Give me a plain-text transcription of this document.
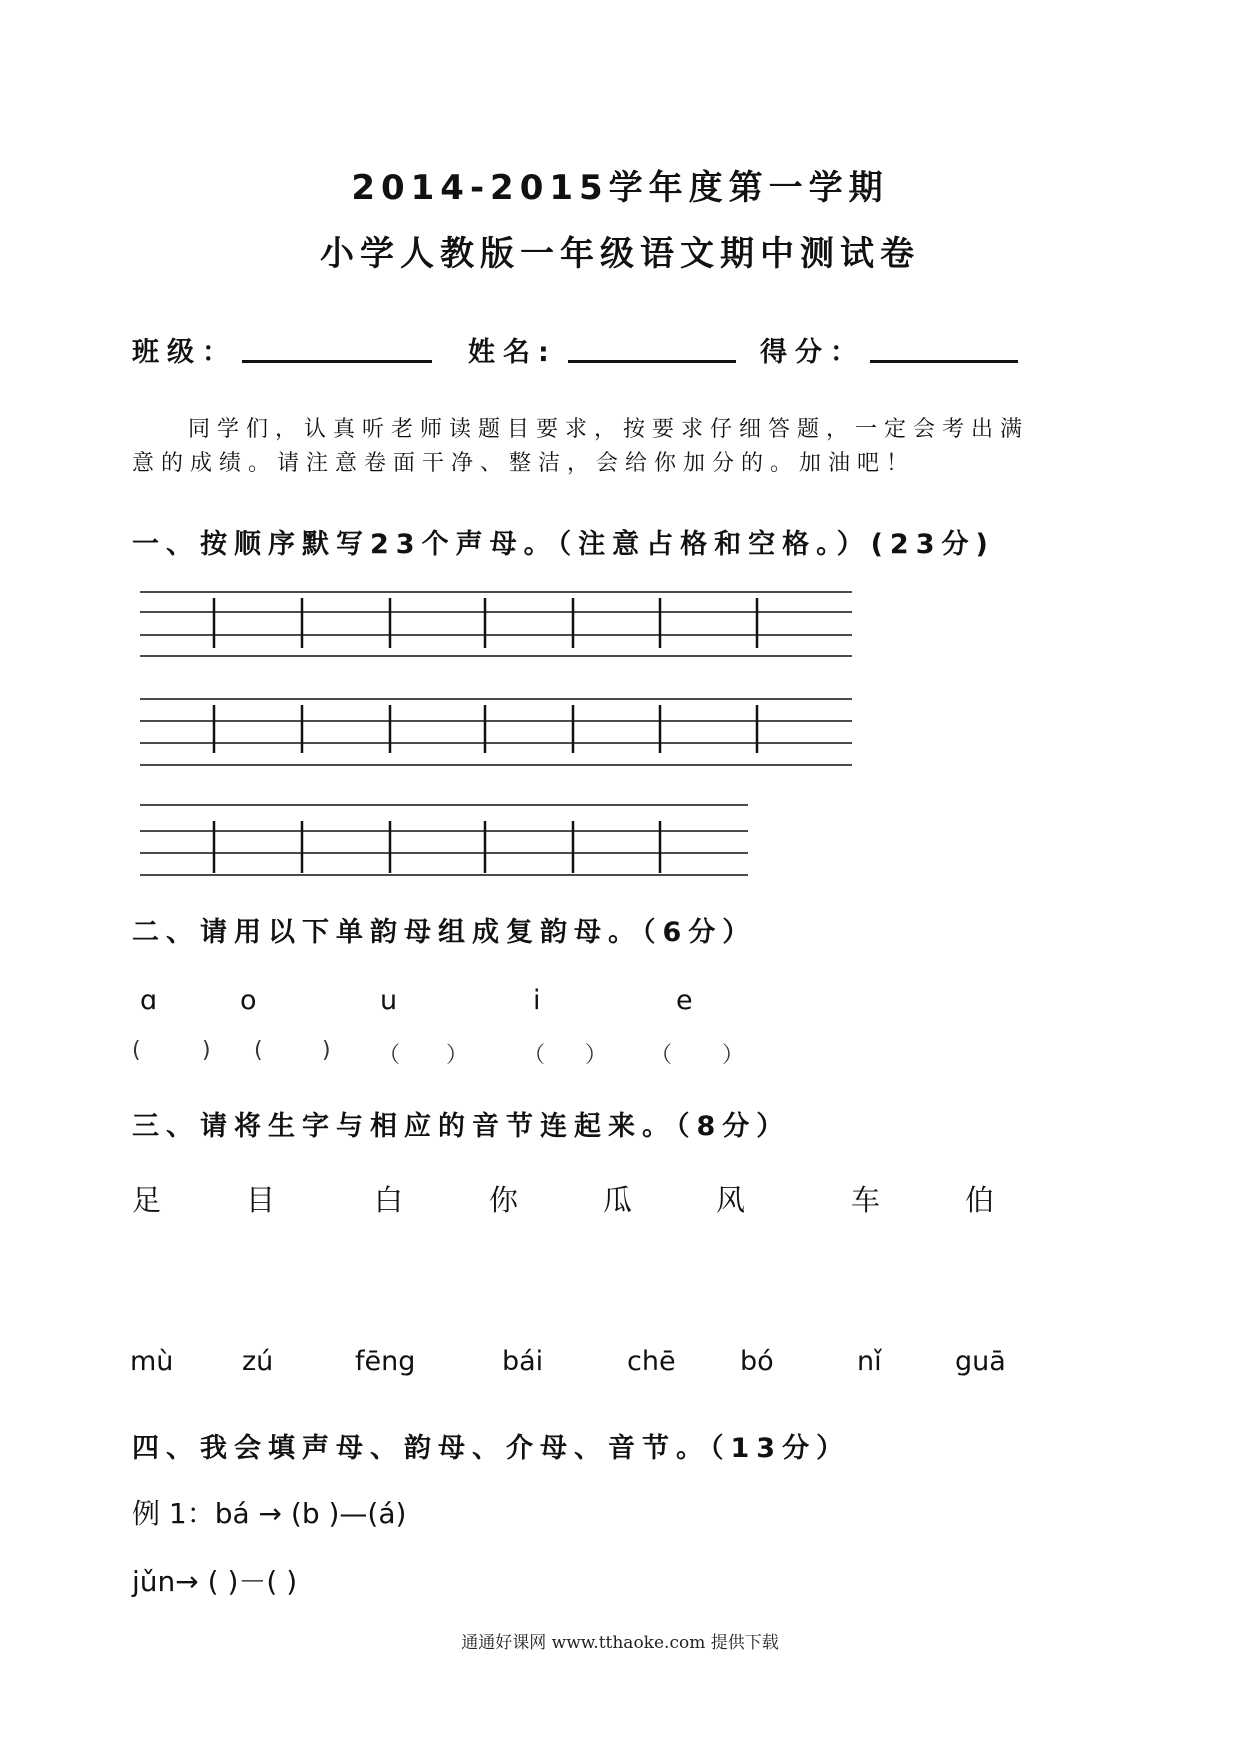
2014-2015学年度第一学期
小学人教版一年级语文期中测试卷
班级：	姓名:	得分：
同学们，认真听老师读题目要求，按要求仔细答题，一定会考出满
意的成绩。请注意卷面干净、整洁，会给你加分的。加油吧！
一、按顺序默写23个声母。（注意占格和空格。）(23分)
二、请用以下单韵母组成复韵母。（6分）
ɑ	o	u	i	e
(	) (	) （ ） （ ） （ ）
三、请将生字与相应的音节连起来。（8分）
足	目	白	你	瓜	风	车	伯
mù	zú	fēng	bái	chē bó	nǐ	guā
四、我会填声母、韵母、介母、音节。（13分）
例 1：bá → (b )—(á)
jǔn→ ( )－( )
通通好课网 www.tthaoke.com 提供下载
